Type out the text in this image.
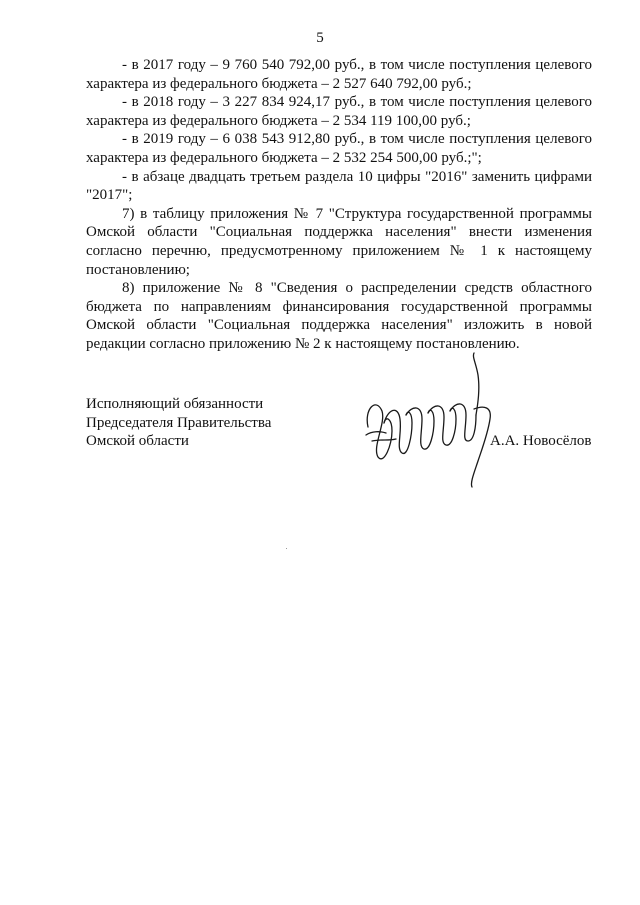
5
- в 2017 году – 9 760 540 792,00 руб., в том числе поступления целевого
характера из федерального бюджета – 2 527 640 792,00 руб.;
- в 2018 году – 3 227 834 924,17 руб., в том числе поступления целевого
характера из федерального бюджета – 2 534 119 100,00 руб.;
- в 2019 году – 6 038 543 912,80 руб., в том числе поступления целевого
характера из федерального бюджета – 2 532 254 500,00 руб.;";
- в абзаце двадцать третьем раздела 10 цифры "2016" заменить цифрами
"2017";
7) в таблицу приложения № 7 "Структура государственной программы
Омской области "Социальная поддержка населения" внести изменения
согласно перечню, предусмотренному приложением № 1 к настоящему
постановлению;
8) приложение № 8 "Сведения о распределении средств областного
бюджета по направлениям финансирования государственной программы
Омской области "Социальная поддержка населения" изложить в новой
редакции согласно приложению № 2 к настоящему постановлению.
Исполняющий обязанности
Председателя Правительства
Омской области	А.А. Новосёлов
